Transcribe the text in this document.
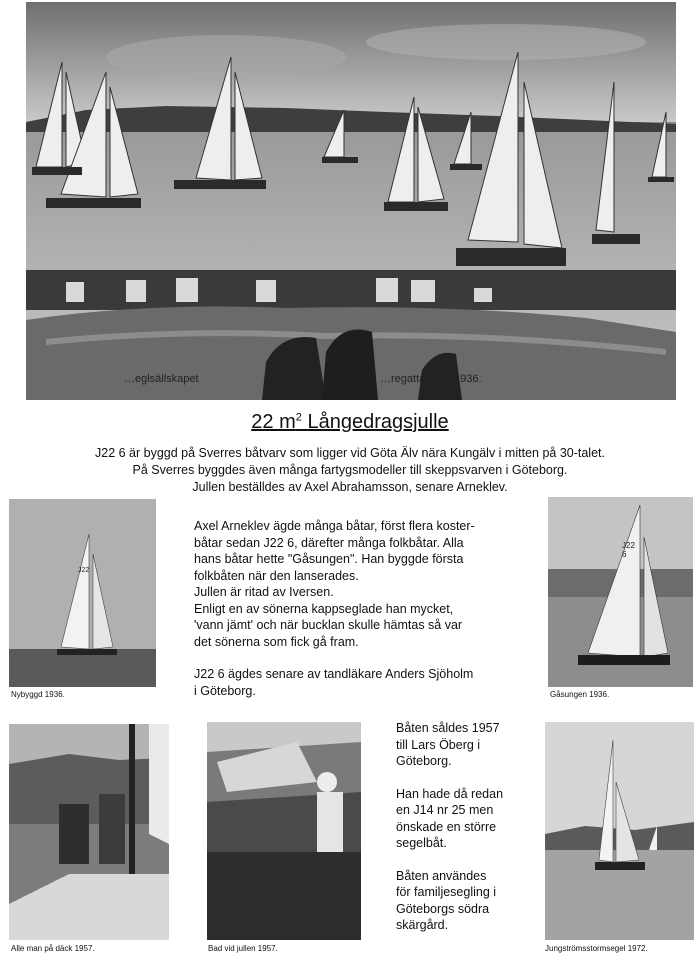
…eglsällskapet	…regatta 1 juli 1936.
22 $m^2$ Långedragsjulle
J22 6 är byggd på Sverres båtvarv som ligger vid Göta Älv nära Kungälv i mitten på 30-talet.
På Sverres byggdes även många fartygsmodeller till skeppsvarven i Göteborg.
Jullen beställdes av Axel Abrahamsson, senare Arneklev.
J22
Nybyggd 1936.

Axel Arneklev ägde många båtar, först flera koster-

båtar sedan J22 6, därefter många folkbåtar. Alla

hans båtar hette "Gåsungen". Han byggde första

folkbåten när den lanserades.

Jullen är ritad av Iversen.

Enligt en av sönerna kappseglade han mycket,

'vann jämt' och när bucklan skulle hämtas så var

det sönerna som fick gå fram.

J22 6 ägdes senare av tandläkare Anders Sjöholm

i Göteborg.

J22 6
Gåsungen 1936.
Alle man på däck 1957.	Bad vid jullen 1957.

Båten såldes 1957

till Lars Öberg i

Göteborg.

Han hade då redan

en J14 nr 25 men

önskade en större

segelbåt.

Båten användes

för familjesegling i

Göteborgs södra

skärgård.

Jungströmsstormsegel 1972.
